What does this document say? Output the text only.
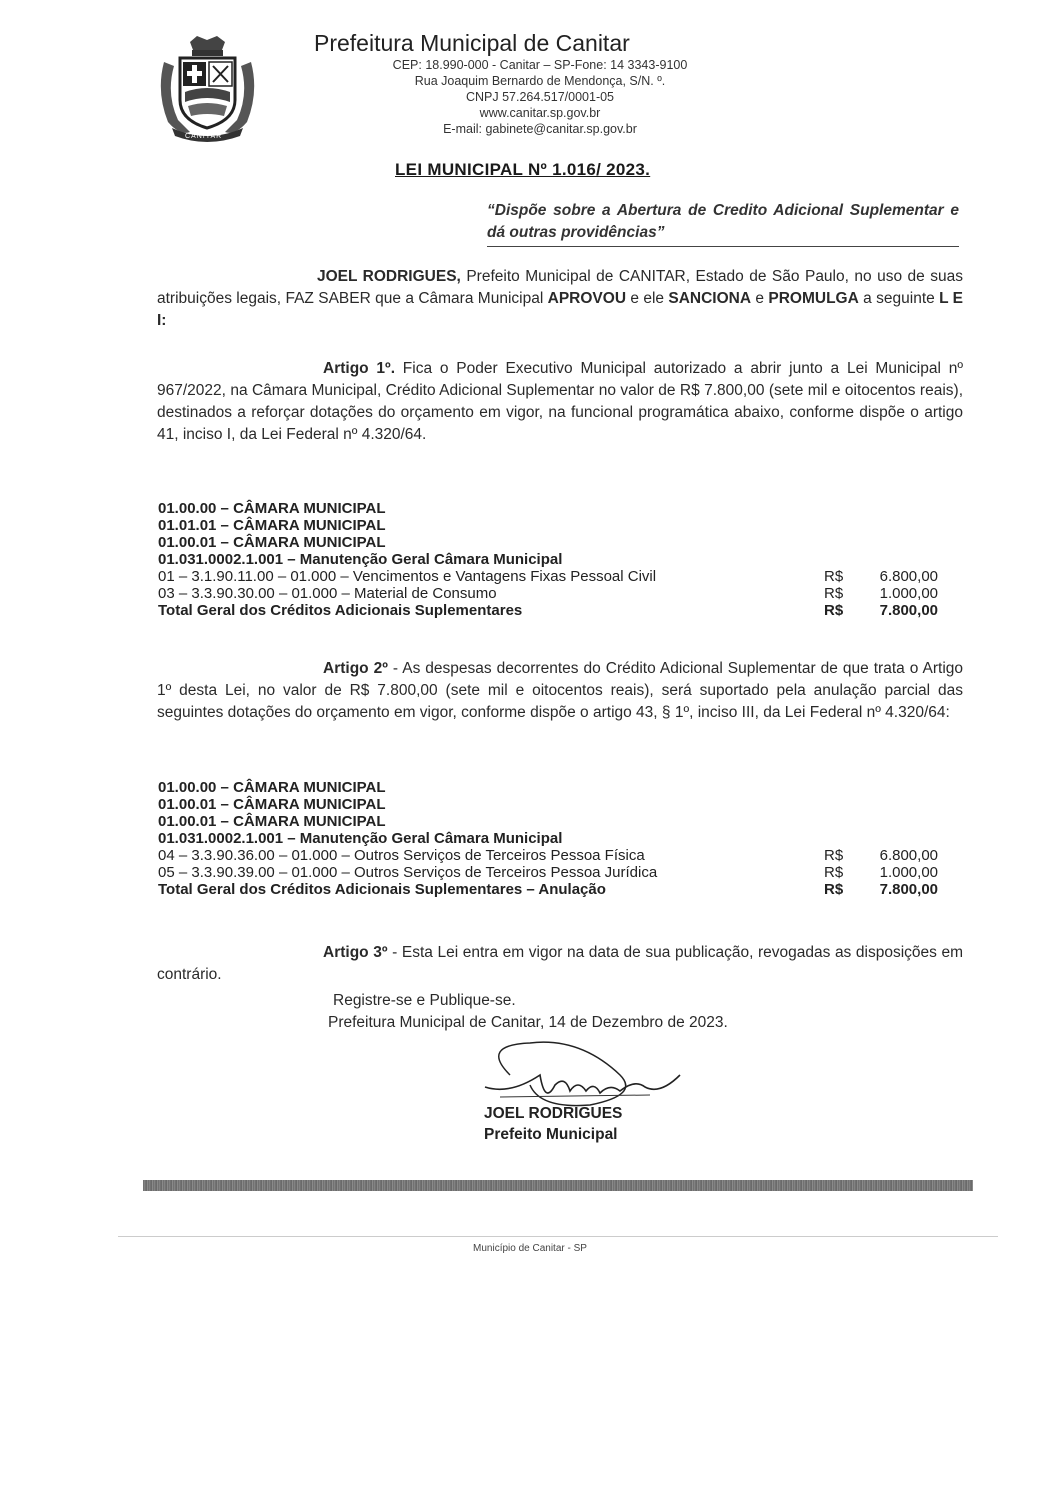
CANITAR
Prefeitura Municipal de Canitar
CEP: 18.990-000 - Canitar – SP-Fone: 14 3343-9100
Rua Joaquim Bernardo de Mendonça, S/N. º.
CNPJ 57.264.517/0001-05
www.canitar.sp.gov.br
E-mail: gabinete@canitar.sp.gov.br
LEI MUNICIPAL Nº 1.016/ 2023.
“Dispõe sobre a Abertura de Credito Adicional Suplementar e dá outras providências”
JOEL RODRIGUES, Prefeito Municipal de CANITAR, Estado de São Paulo, no uso de suas atribuições legais, FAZ SABER que a Câmara Municipal APROVOU e ele SANCIONA e PROMULGA a seguinte L E I:
Artigo 1º. Fica o Poder Executivo Municipal autorizado a abrir junto a Lei Municipal nº 967/2022, na Câmara Municipal, Crédito Adicional Suplementar no valor de R$ 7.800,00 (sete mil e oitocentos reais), destinados a reforçar dotações do orçamento em vigor, na funcional programática abaixo, conforme dispõe o artigo 41, inciso I, da Lei Federal nº 4.320/64.
01.00.00 – CÂMARA MUNICIPAL
01.01.01 – CÂMARA MUNICIPAL
01.00.01 – CÂMARA MUNICIPAL
01.031.0002.1.001 – Manutenção Geral Câmara Municipal
01 – 3.1.90.11.00 – 01.000 – Vencimentos e Vantagens Fixas Pessoal Civil	R$ 6.800,00
03 – 3.3.90.30.00 – 01.000 – Material de Consumo	R$ 1.000,00
Total Geral dos Créditos Adicionais Suplementares	R$ 7.800,00
Artigo 2º - As despesas decorrentes do Crédito Adicional Suplementar de que trata o Artigo 1º desta Lei, no valor de R$ 7.800,00 (sete mil e oitocentos reais), será suportado pela anulação parcial das seguintes dotações do orçamento em vigor, conforme dispõe o artigo 43, § 1º, inciso III, da Lei Federal nº 4.320/64:
01.00.00 – CÂMARA MUNICIPAL
01.00.01 – CÂMARA MUNICIPAL
01.00.01 – CÂMARA MUNICIPAL
01.031.0002.1.001 – Manutenção Geral Câmara Municipal
04 – 3.3.90.36.00 – 01.000 – Outros Serviços de Terceiros Pessoa Física	R$ 6.800,00
05 – 3.3.90.39.00 – 01.000 – Outros Serviços de Terceiros Pessoa Jurídica	R$ 1.000,00
Total Geral dos Créditos Adicionais Suplementares – Anulação	R$ 7.800,00
Artigo 3º - Esta Lei entra em vigor na data de sua publicação, revogadas as disposições em contrário.
Registre-se e Publique-se.
Prefeitura Municipal de Canitar, 14 de Dezembro de 2023.
JOEL RODRIGUES
Prefeito Municipal
Município de Canitar - SP
